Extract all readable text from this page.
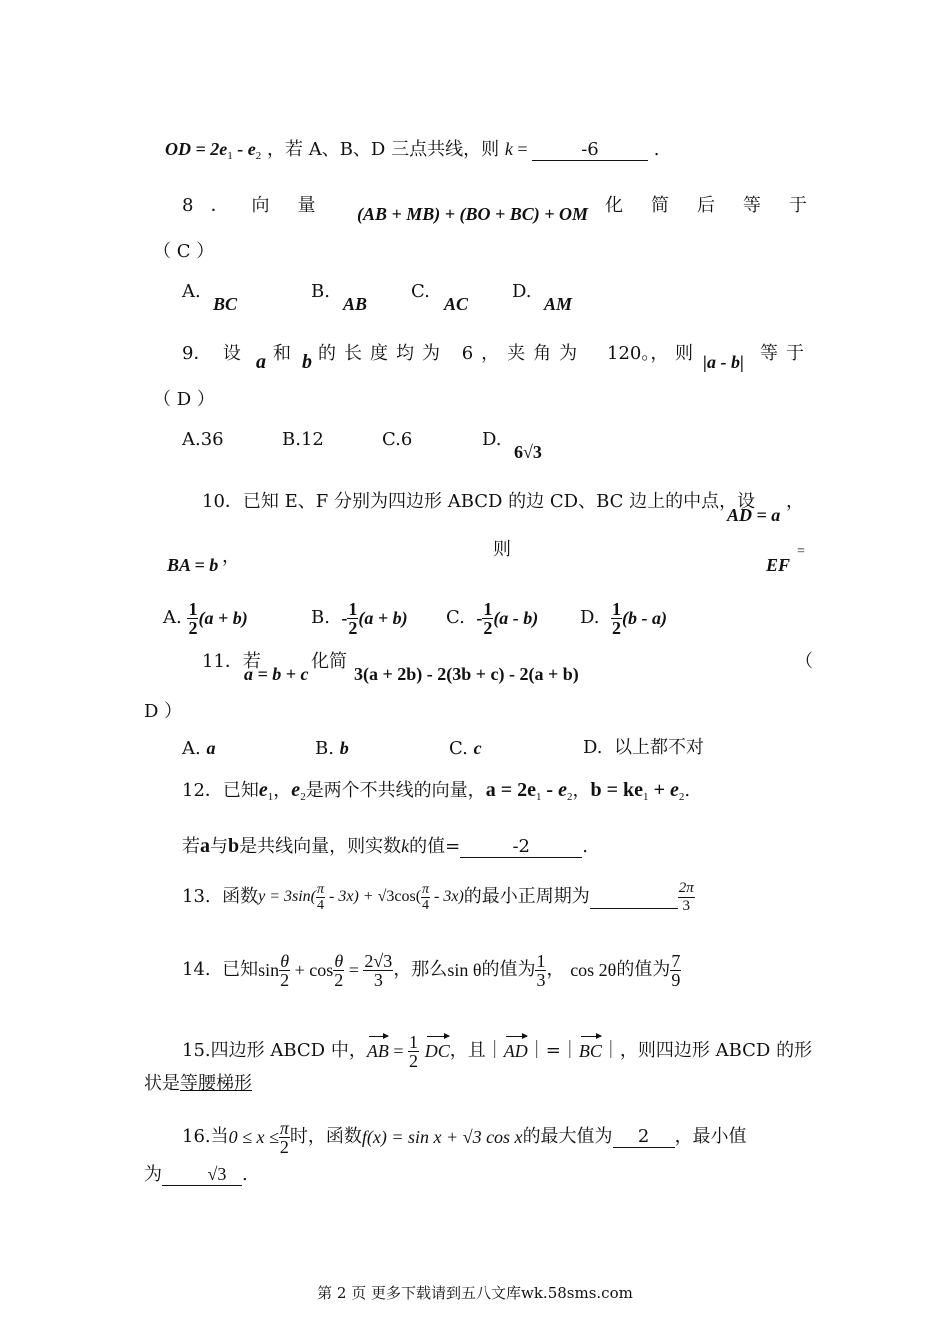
OD = $2e_1 - e_2$ ，若 A、B、D 三点共线，则 k =	-6	.
8 ． 向量 (AB + MB) + (BO + BC) + OM 化简后等于
（ C ）
A.
BC
B.
AB
C.
AC
D.
AM
9． 设 a 和 b 的长度均为 6，夹角为 120。， 则 |a - b| 等于
（ D ）
A.36	B.12	C.6	D.
6√3
10．已知 E、F 分别为四边形 ABCD 的边 CD、BC 边上的中点，设
AD = a
，
BA = b ，	则
EF
=
A.
$\frac{1}{2} (a + b)$	B.
- $\frac{1}{2} (a + b)$ C.
- $\frac{1}{2} (a - b)$ D.
$\frac{1}{2} (b - a)$
11．若
a = b + c
化简
3(a + 2b) - 2(3b + c) - 2(a + b)
（
D ）
A. a	B. b	C. c	D. 以上都不对
12．已知$e_1$，$e_2$是两个不共线的向量，$a = 2e_1 - e_2$，$b = ke_1 + e_2$.
若a与b是共线向量，则实数k的值=	-2	.
13.
函数 $y = 3\sin( \frac{\pi}{4} - 3x) + √3$ $\cos( \frac{\pi}{4} - 3x)$ 的最小正周期为	$\frac{2\pi}{3}$
14.
已知 $\sin \frac{\theta}{2} + \cos \frac{\theta}{2} = \frac{2√3}{3}$ ，那么 sin θ 的值为 $\frac{1}{3}$ ，
cos 2θ 的值为 $\frac{7}{9}$
15.四边形 ABCD 中， AB = $\frac{1}{2}$
DC ，且｜ AD ｜=｜ BC ｜，则四边形 ABCD 的形
状是等腰梯形
16.当 $0 \le x \le \frac{\pi}{2}$ 时，函数 f(x) = sin x + √3 cos x 的最大值为	2	，最小值
为	√3 .
第 2 页 更多下载请到五八文库wk.58sms.com
